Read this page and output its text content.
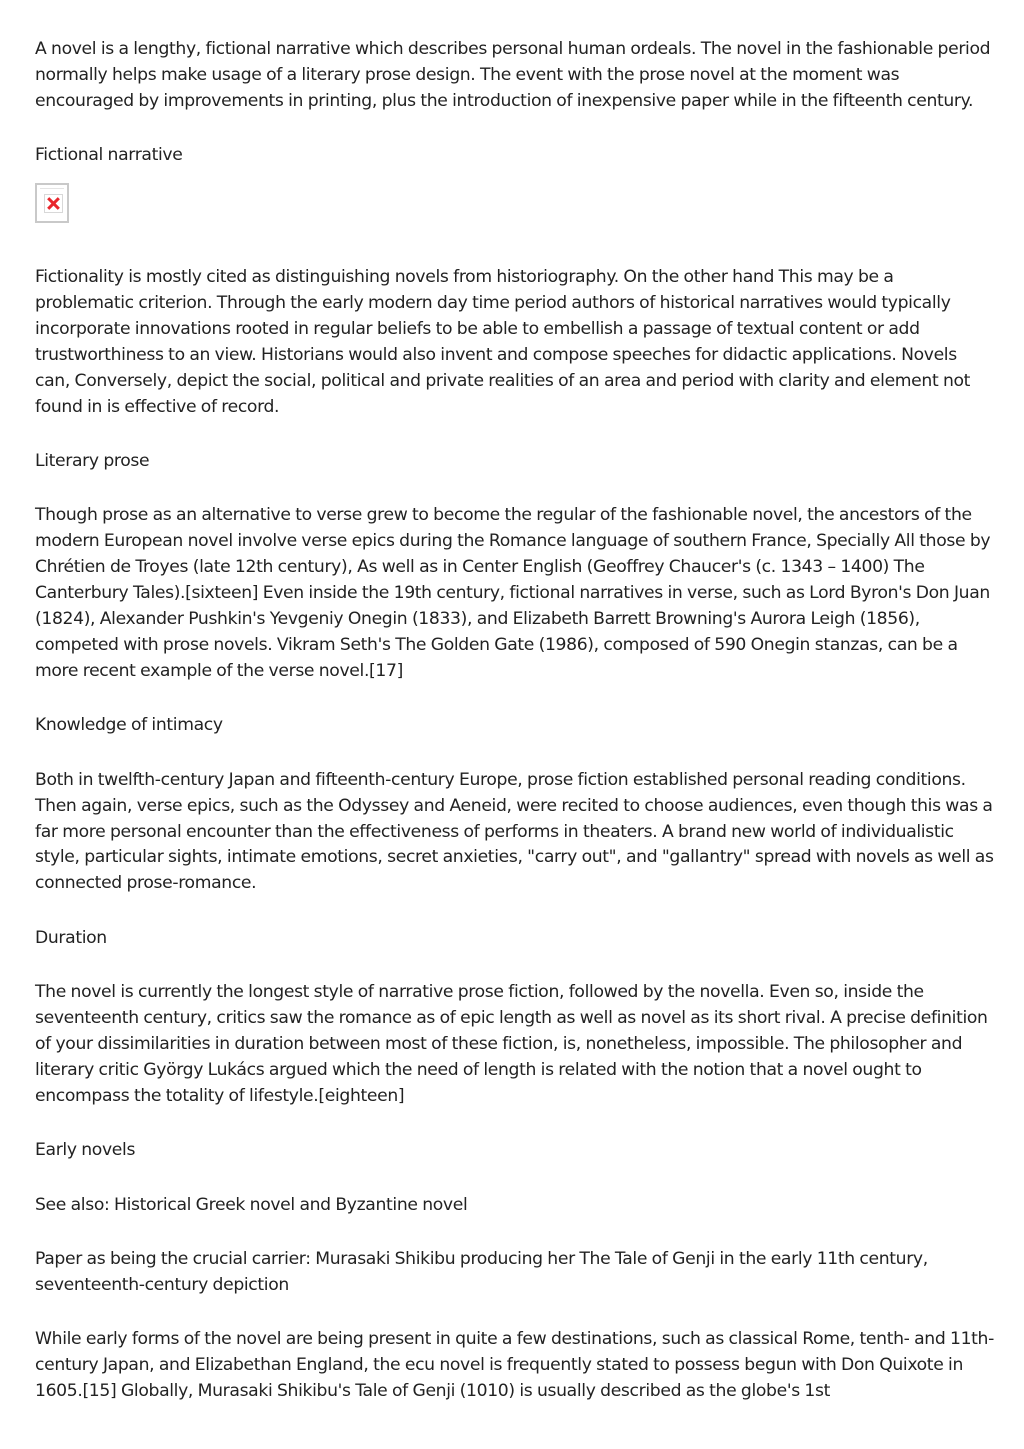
A novel is a lengthy, fictional narrative which describes personal human ordeals. The novel in the fashionable period normally helps make usage of a literary prose design. The event with the prose novel at the moment was encouraged by improvements in printing, plus the introduction of inexpensive paper while in the fifteenth century.

Fictional narrative

Fictionality is mostly cited as distinguishing novels from historiography. On the other hand This may be a problematic criterion. Through the early modern day time period authors of historical narratives would typically incorporate innovations rooted in regular beliefs to be able to embellish a passage of textual content or add trustworthiness to an view. Historians would also invent and compose speeches for didactic applications. Novels can, Conversely, depict the social, political and private realities of an area and period with clarity and element not found in is effective of record.

Literary prose

Though prose as an alternative to verse grew to become the regular of the fashionable novel, the ancestors of the modern European novel involve verse epics during the Romance language of southern France, Specially All those by Chrétien de Troyes (late 12th century), As well as in Center English (Geoffrey Chaucer's (c. 1343 – 1400) The Canterbury Tales).[sixteen] Even inside the 19th century, fictional narratives in verse, such as Lord Byron's Don Juan (1824), Alexander Pushkin's Yevgeniy Onegin (1833), and Elizabeth Barrett Browning's Aurora Leigh (1856), competed with prose novels. Vikram Seth's The Golden Gate (1986), composed of 590 Onegin stanzas, can be a more recent example of the verse novel.[17]

Knowledge of intimacy

Both in twelfth-century Japan and fifteenth-century Europe, prose fiction established personal reading conditions. Then again, verse epics, such as the Odyssey and Aeneid, were recited to choose audiences, even though this was a far more personal encounter than the effectiveness of performs in theaters. A brand new world of individualistic style, particular sights, intimate emotions, secret anxieties, "carry out", and "gallantry" spread with novels as well as connected prose-romance.

Duration

The novel is currently the longest style of narrative prose fiction, followed by the novella. Even so, inside the seventeenth century, critics saw the romance as of epic length as well as novel as its short rival. A precise definition of your dissimilarities in duration between most of these fiction, is, nonetheless, impossible. The philosopher and literary critic György Lukács argued which the need of length is related with the notion that a novel ought to encompass the totality of lifestyle.[eighteen]

Early novels

See also: Historical Greek novel and Byzantine novel

Paper as being the crucial carrier: Murasaki Shikibu producing her The Tale of Genji in the early 11th century, seventeenth-century depiction

While early forms of the novel are being present in quite a few destinations, such as classical Rome, tenth- and 11th-century Japan, and Elizabethan England, the ecu novel is frequently stated to possess begun with Don Quixote in 1605.[15] Globally, Murasaki Shikibu's Tale of Genji (1010) is usually described as the globe's 1st
